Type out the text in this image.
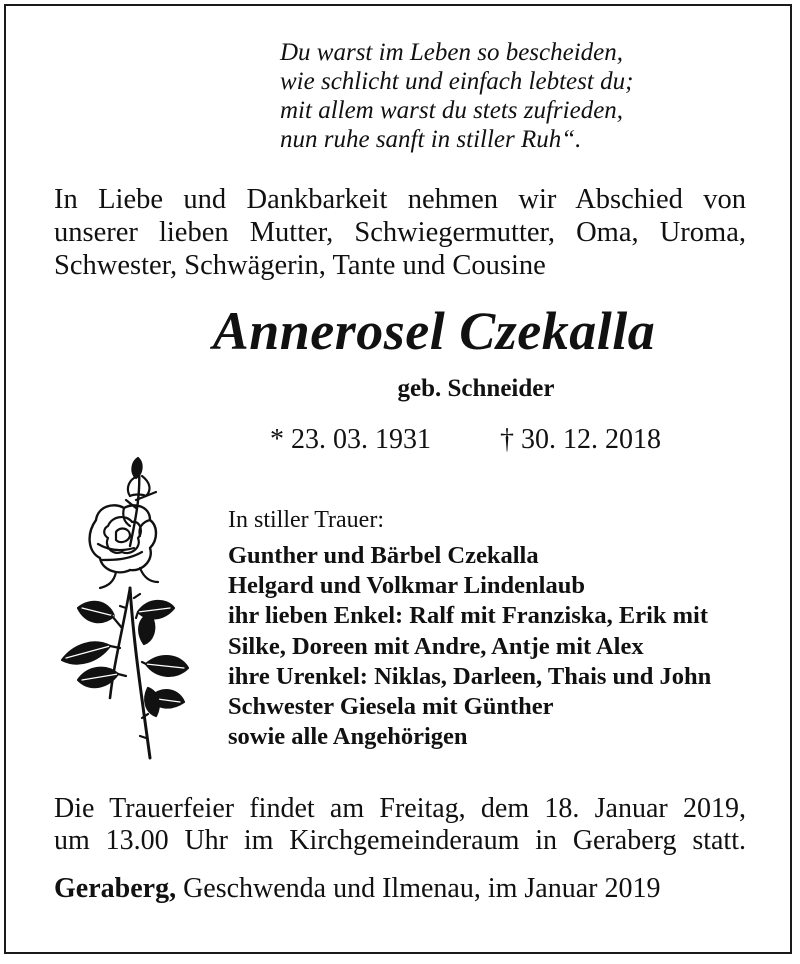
Du warst im Leben so bescheiden,
wie schlicht und einfach lebtest du;
mit allem warst du stets zufrieden,
nun ruhe sanft in stiller Ruh“.
In Liebe und Dankbarkeit nehmen wir Abschied von
unserer lieben Mutter, Schwiegermutter, Oma, Uroma,
Schwester, Schwägerin, Tante und Cousine
Annerosel Czekalla
geb. Schneider
* 23. 03. 1931 † 30. 12. 2018
In stiller Trauer:
Gunther und Bärbel Czekalla
Helgard und Volkmar Lindenlaub
ihr lieben Enkel: Ralf mit Franziska, Erik mit
Silke, Doreen mit Andre, Antje mit Alex
ihre Urenkel: Niklas, Darleen, Thais und John
Schwester Giesela mit Günther
sowie alle Angehörigen
Die Trauerfeier findet am Freitag, dem 18. Januar 2019,
um 13.00 Uhr im Kirchgemeinderaum in Geraberg statt.
Geraberg, Geschwenda und Ilmenau, im Januar 2019
